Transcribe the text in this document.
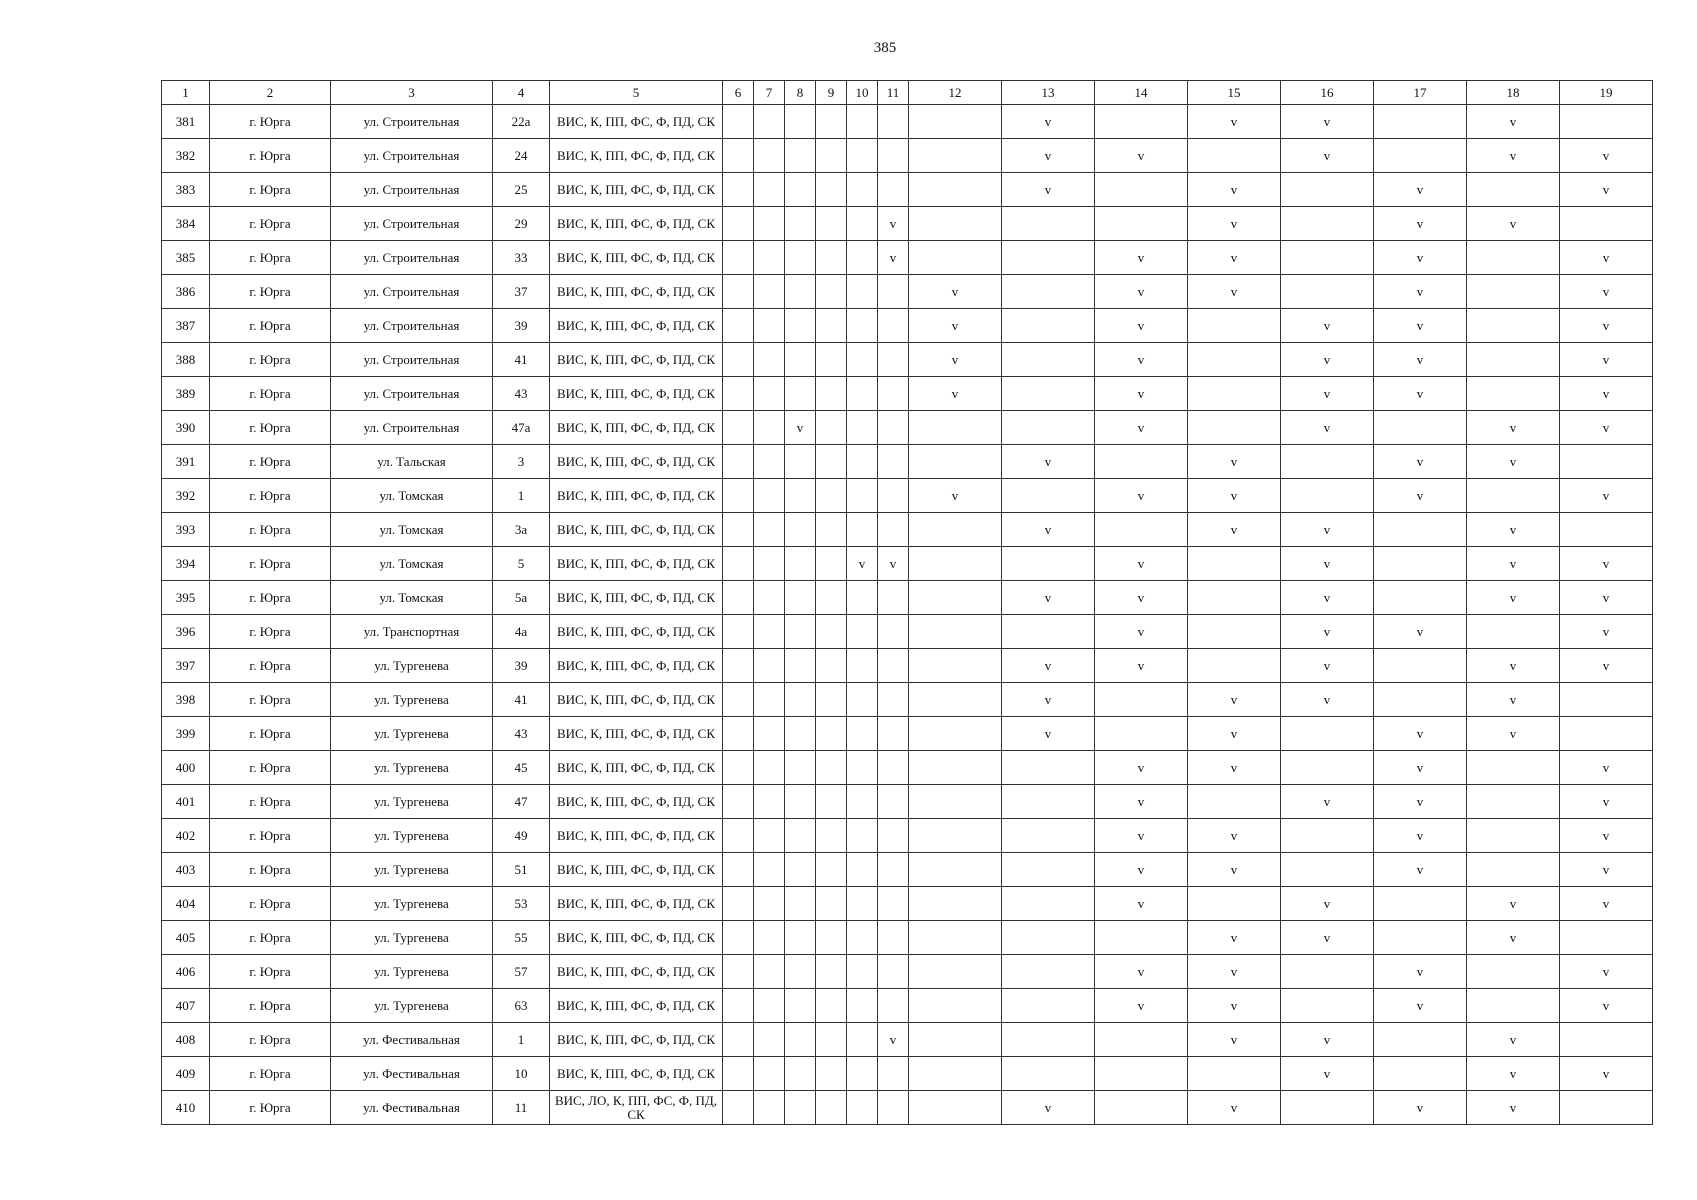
385
1	2	3	4	5	6	7	8	9	10	11	12	13	14	15	16	17	18	19
381	г. Юрга	ул. Строительная	22а	ВИС, К, ПП, ФС, Ф, ПД, СК								v		v	v		v	
382	г. Юрга	ул. Строительная	24	ВИС, К, ПП, ФС, Ф, ПД, СК								v	v		v		v	v
383	г. Юрга	ул. Строительная	25	ВИС, К, ПП, ФС, Ф, ПД, СК								v		v		v		v
384	г. Юрга	ул. Строительная	29	ВИС, К, ПП, ФС, Ф, ПД, СК						v				v		v	v	
385	г. Юрга	ул. Строительная	33	ВИС, К, ПП, ФС, Ф, ПД, СК						v			v	v		v		v
386	г. Юрга	ул. Строительная	37	ВИС, К, ПП, ФС, Ф, ПД, СК							v		v	v		v		v
387	г. Юрга	ул. Строительная	39	ВИС, К, ПП, ФС, Ф, ПД, СК							v		v		v	v		v
388	г. Юрга	ул. Строительная	41	ВИС, К, ПП, ФС, Ф, ПД, СК							v		v		v	v		v
389	г. Юрга	ул. Строительная	43	ВИС, К, ПП, ФС, Ф, ПД, СК							v		v		v	v		v
390	г. Юрга	ул. Строительная	47а	ВИС, К, ПП, ФС, Ф, ПД, СК			v						v		v		v	v
391	г. Юрга	ул. Тальская	3	ВИС, К, ПП, ФС, Ф, ПД, СК								v		v		v	v	
392	г. Юрга	ул. Томская	1	ВИС, К, ПП, ФС, Ф, ПД, СК							v		v	v		v		v
393	г. Юрга	ул. Томская	3а	ВИС, К, ПП, ФС, Ф, ПД, СК								v		v	v		v	
394	г. Юрга	ул. Томская	5	ВИС, К, ПП, ФС, Ф, ПД, СК					v	v			v		v		v	v
395	г. Юрга	ул. Томская	5а	ВИС, К, ПП, ФС, Ф, ПД, СК								v	v		v		v	v
396	г. Юрга	ул. Транспортная	4а	ВИС, К, ПП, ФС, Ф, ПД, СК									v		v	v		v
397	г. Юрга	ул. Тургенева	39	ВИС, К, ПП, ФС, Ф, ПД, СК								v	v		v		v	v
398	г. Юрга	ул. Тургенева	41	ВИС, К, ПП, ФС, Ф, ПД, СК								v		v	v		v	
399	г. Юрга	ул. Тургенева	43	ВИС, К, ПП, ФС, Ф, ПД, СК								v		v		v	v	
400	г. Юрга	ул. Тургенева	45	ВИС, К, ПП, ФС, Ф, ПД, СК									v	v		v		v
401	г. Юрга	ул. Тургенева	47	ВИС, К, ПП, ФС, Ф, ПД, СК									v		v	v		v
402	г. Юрга	ул. Тургенева	49	ВИС, К, ПП, ФС, Ф, ПД, СК									v	v		v		v
403	г. Юрга	ул. Тургенева	51	ВИС, К, ПП, ФС, Ф, ПД, СК									v	v		v		v
404	г. Юрга	ул. Тургенева	53	ВИС, К, ПП, ФС, Ф, ПД, СК									v		v		v	v
405	г. Юрга	ул. Тургенева	55	ВИС, К, ПП, ФС, Ф, ПД, СК										v	v		v	
406	г. Юрга	ул. Тургенева	57	ВИС, К, ПП, ФС, Ф, ПД, СК									v	v		v		v
407	г. Юрга	ул. Тургенева	63	ВИС, К, ПП, ФС, Ф, ПД, СК									v	v		v		v
408	г. Юрга	ул. Фестивальная	1	ВИС, К, ПП, ФС, Ф, ПД, СК						v				v	v		v	
409	г. Юрга	ул. Фестивальная	10	ВИС, К, ПП, ФС, Ф, ПД, СК											v		v	v
410	г. Юрга	ул. Фестивальная	11	ВИС, ЛО, К, ПП, ФС, Ф, ПД, СК								v		v		v	v	
